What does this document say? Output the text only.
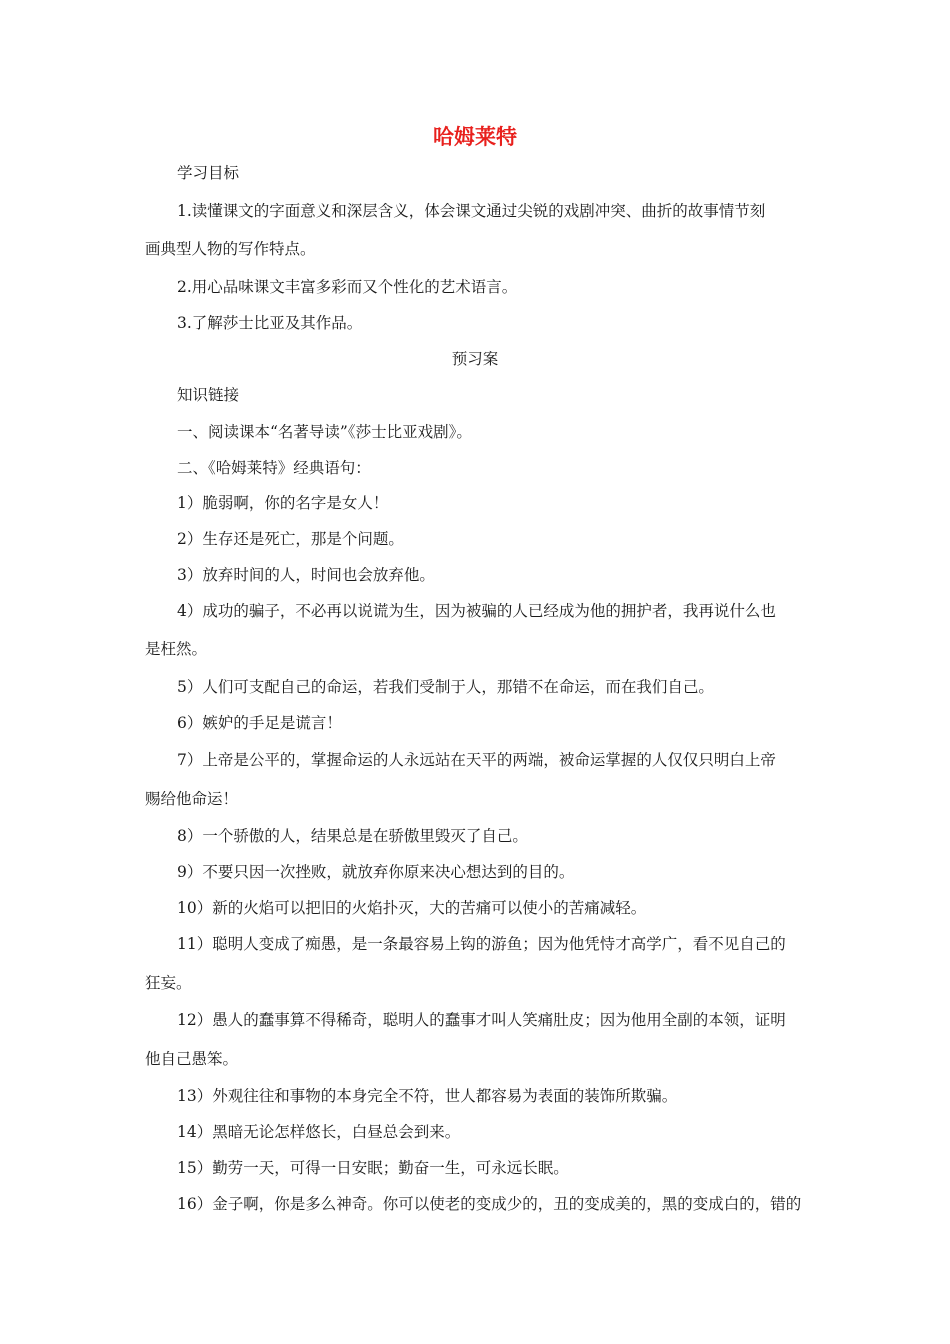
哈姆莱特
学习目标
1.读懂课文的字面意义和深层含义，体会课文通过尖锐的戏剧冲突、曲折的故事情节刻
画典型人物的写作特点。
2.用心品味课文丰富多彩而又个性化的艺术语言。
3.了解莎士比亚及其作品。
预习案
知识链接
一、阅读课本“名著导读”《莎士比亚戏剧》。
二、《哈姆莱特》经典语句：
1）脆弱啊，你的名字是女人！
2）生存还是死亡，那是个问题。
3）放弃时间的人，时间也会放弃他。
4）成功的骗子，不必再以说谎为生，因为被骗的人已经成为他的拥护者，我再说什么也
是枉然。
5）人们可支配自己的命运，若我们受制于人，那错不在命运，而在我们自己。
6）嫉妒的手足是谎言！
7）上帝是公平的，掌握命运的人永远站在天平的两端，被命运掌握的人仅仅只明白上帝
赐给他命运！
8）一个骄傲的人，结果总是在骄傲里毁灭了自己。
9）不要只因一次挫败，就放弃你原来决心想达到的目的。
10）新的火焰可以把旧的火焰扑灭，大的苦痛可以使小的苦痛减轻。
11）聪明人变成了痴愚，是一条最容易上钩的游鱼；因为他凭恃才高学广，看不见自己的
狂妄。
12）愚人的蠢事算不得稀奇，聪明人的蠢事才叫人笑痛肚皮；因为他用全副的本领，证明
他自己愚笨。
13）外观往往和事物的本身完全不符，世人都容易为表面的装饰所欺骗。
14）黑暗无论怎样悠长，白昼总会到来。
15）勤劳一天，可得一日安眠；勤奋一生，可永远长眠。
16）金子啊，你是多么神奇。你可以使老的变成少的，丑的变成美的，黑的变成白的，错的
